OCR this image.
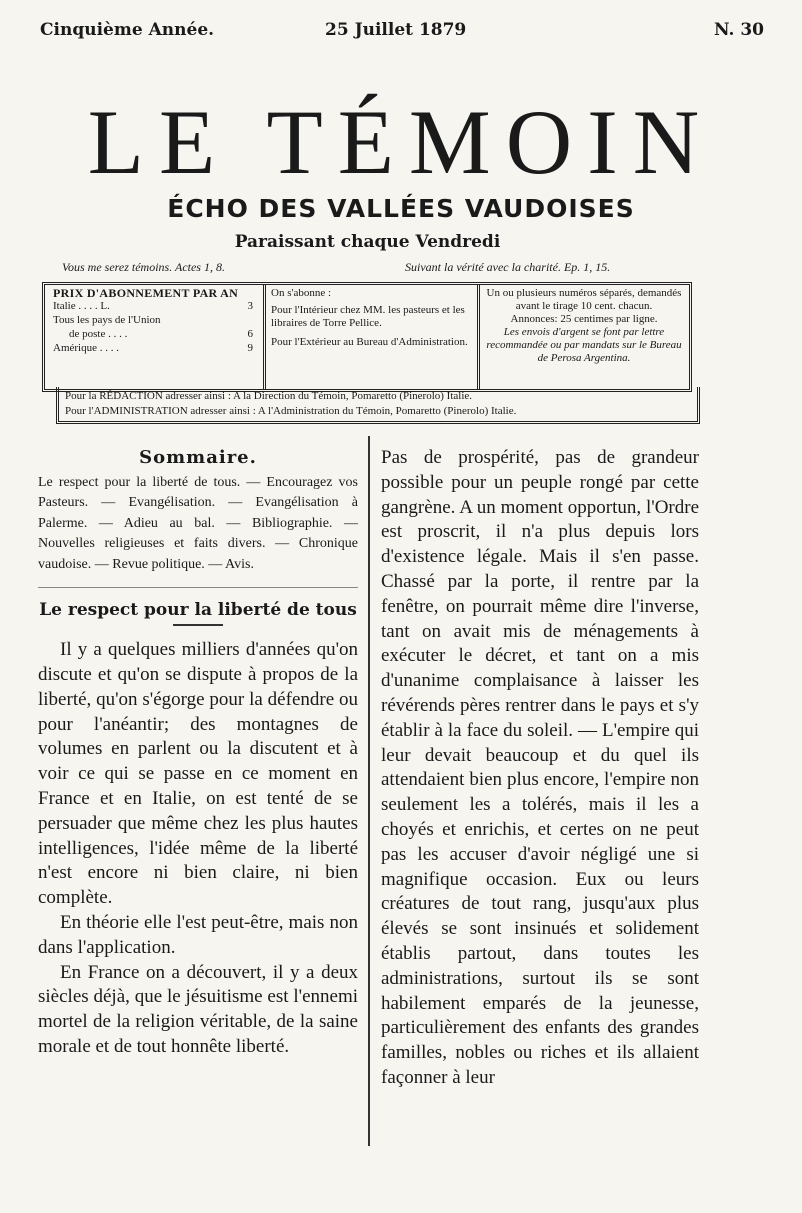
Cinquième Année.	25 Juillet 1879	N. 30
LE TÉMOIN
ÉCHO DES VALLÉES VAUDOISES
Paraissant chaque Vendredi
Vous me serez témoins. Actes 1, 8.	Suivant la vérité avec la charité. Ep. 1, 15.
PRIX D'ABONNEMENT PAR AN
Italie . . . . L.	3
Tous les pays de l'Union
de poste . . . .	6
Amérique . . . .	9
On s'abonne :
Pour l'Intérieur chez MM. les pasteurs et les libraires de Torre Pellice.
Pour l'Extérieur au Bureau d'Administration.
Un ou plusieurs numéros séparés, demandés avant le tirage 10 cent. chacun.
Annonces: 25 centimes par ligne.
Les envois d'argent se font par lettre recommandée ou par mandats sur le Bureau de Perosa Argentina.
Pour la RÉDACTION adresser ainsi : A la Direction du Témoin, Pomaretto (Pinerolo) Italie.
Pour l'ADMINISTRATION adresser ainsi : A l'Administration du Témoin, Pomaretto (Pinerolo) Italie.
Sommaire.
Le respect pour la liberté de tous. — Encouragez vos Pasteurs. — Evangélisation. — Evangélisation à Palerme. — Adieu au bal. — Bibliographie. — Nouvelles religieuses et faits divers. — Chronique vaudoise. — Revue politique. — Avis.
Le respect pour la liberté de tous

Il y a quelques milliers d'années qu'on discute et qu'on se dispute à propos de la liberté, qu'on s'égorge pour la défendre ou pour l'anéantir; des montagnes de volumes en parlent ou la discutent et à voir ce qui se passe en ce moment en France et en Italie, on est tenté de se persuader que même chez les plus hautes intelligences, l'idée même de la liberté n'est encore ni bien claire, ni bien complète.

En théorie elle l'est peut-être, mais non dans l'application.

En France on a découvert, il y a deux siècles déjà, que le jésuitisme est l'ennemi mortel de la religion véritable, de la saine morale et de tout honnête liberté.

Pas de prospérité, pas de grandeur possible pour un peuple rongé par cette gangrène. A un moment opportun, l'Ordre est proscrit, il n'a plus depuis lors d'existence légale. Mais il s'en passe. Chassé par la porte, il rentre par la fenêtre, on pourrait même dire l'inverse, tant on avait mis de ménagements à exécuter le décret, et tant on a mis d'unanime complaisance à laisser les révérends pères rentrer dans le pays et s'y établir à la face du soleil. — L'empire qui leur devait beaucoup et du quel ils attendaient bien plus encore, l'empire non seulement les a tolérés, mais il les a choyés et enrichis, et certes on ne peut pas les accuser d'avoir négligé une si magnifique occasion. Eux ou leurs créatures de tout rang, jusqu'aux plus élevés se sont insinués et solidement établis partout, dans toutes les administrations, surtout ils se sont habilement emparés de la jeunesse, particulièrement des enfants des grandes familles, nobles ou riches et ils allaient façonner à leur
